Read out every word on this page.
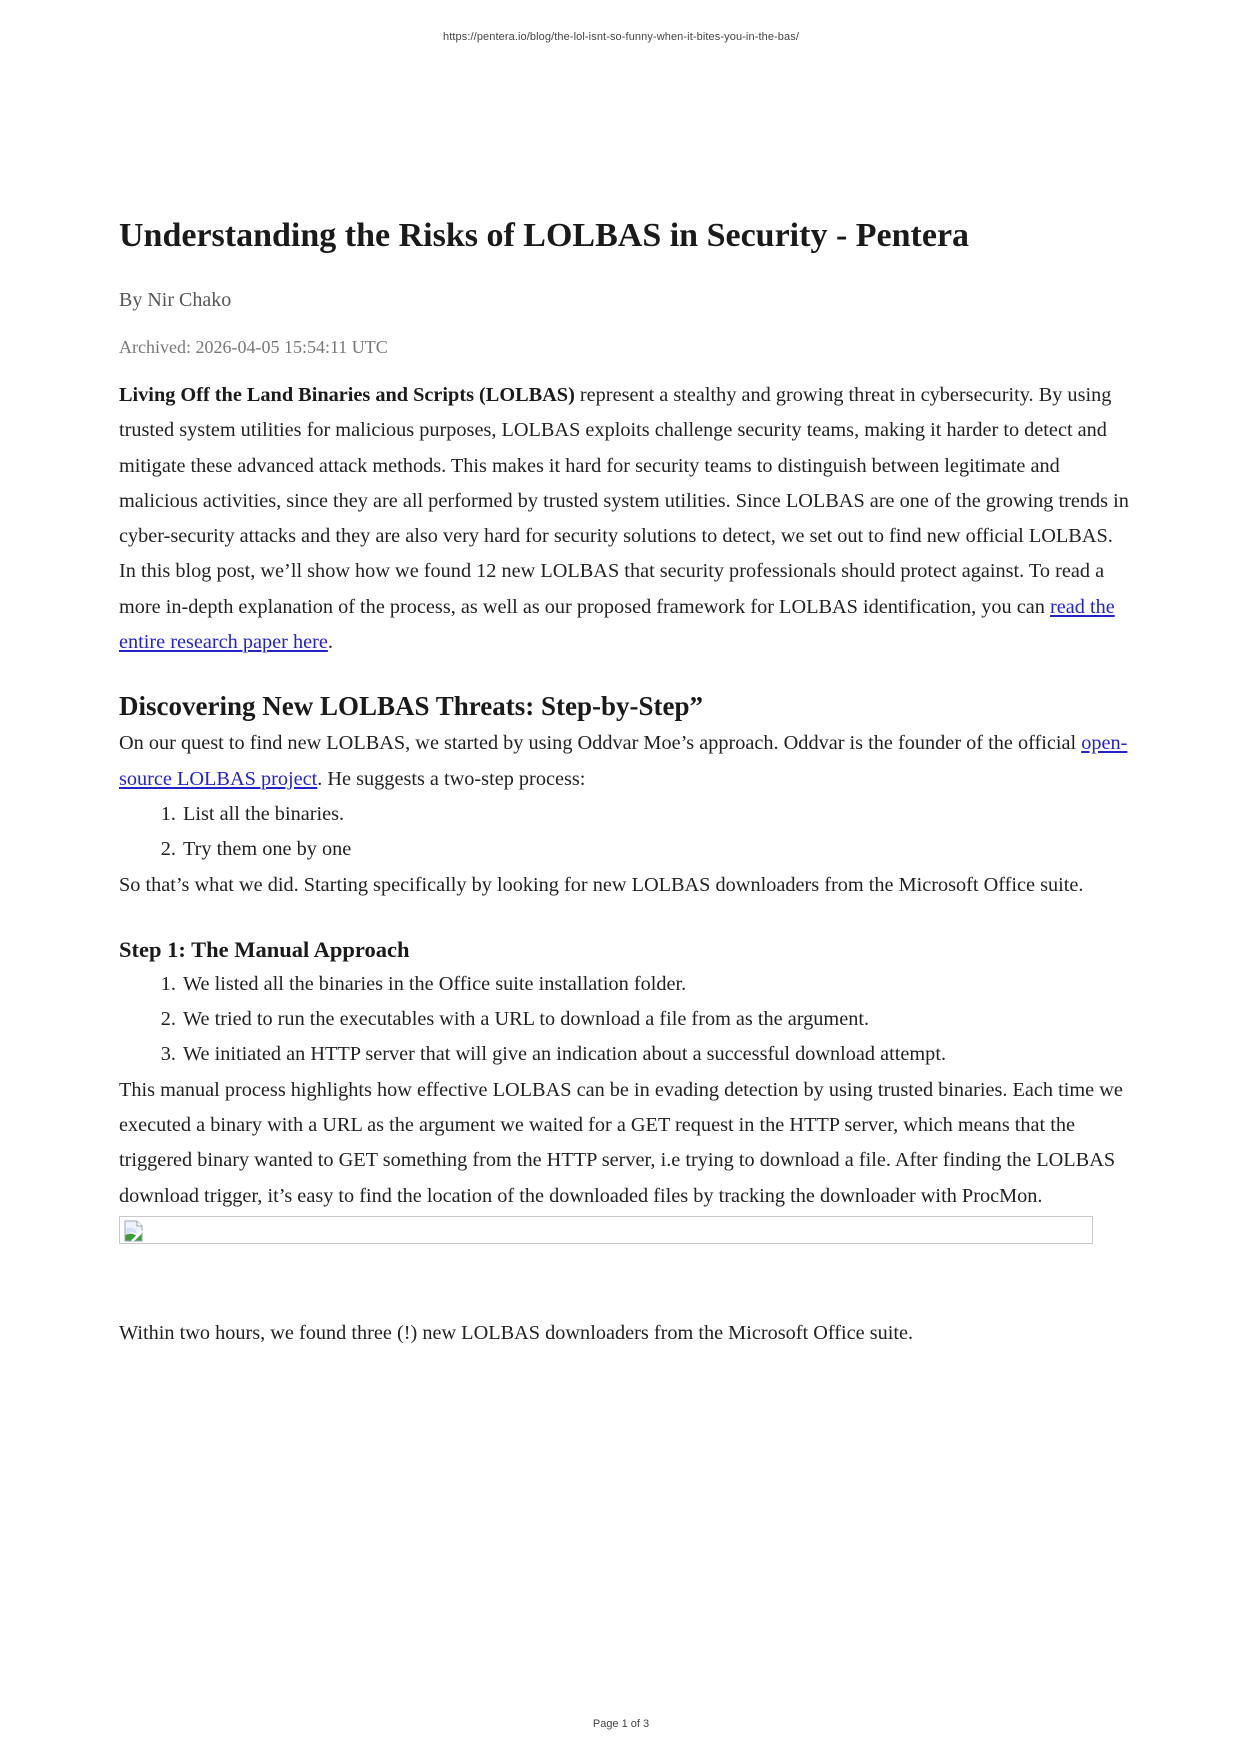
https://pentera.io/blog/the-lol-isnt-so-funny-when-it-bites-you-in-the-bas/
Understanding the Risks of LOLBAS in Security - Pentera
By Nir Chako
Archived: 2026-04-05 15:54:11 UTC

Living Off the Land Binaries and Scripts (LOLBAS) represent a stealthy and growing threat in cybersecurity. By using trusted system utilities for malicious purposes, LOLBAS exploits challenge security teams, making it harder to detect and mitigate these advanced attack methods. This makes it hard for security teams to distinguish between legitimate and malicious activities, since they are all performed by trusted system utilities. Since LOLBAS are one of the growing trends in cyber-security attacks and they are also very hard for security solutions to detect, we set out to find new official LOLBAS. In this blog post, we’ll show how we found 12 new LOLBAS that security professionals should protect against. To read a more in-depth explanation of the process, as well as our proposed framework for LOLBAS identification, you can read the entire research paper here.

Discovering New LOLBAS Threats: Step-by-Step”

On our quest to find new LOLBAS, we started by using Oddvar Moe’s approach. Oddvar is the founder of the official open-source LOLBAS project. He suggests a two-step process:

1. List all the binaries.
2. Try them one by one

So that’s what we did. Starting specifically by looking for new LOLBAS downloaders from the Microsoft Office suite.

Step 1: The Manual Approach
1. We listed all the binaries in the Office suite installation folder.
2. We tried to run the executables with a URL to download a file from as the argument.
3. We initiated an HTTP server that will give an indication about a successful download attempt.

This manual process highlights how effective LOLBAS can be in evading detection by using trusted binaries. Each time we executed a binary with a URL as the argument we waited for a GET request in the HTTP server, which means that the triggered binary wanted to GET something from the HTTP server, i.e trying to download a file. After finding the LOLBAS download trigger, it’s easy to find the location of the downloaded files by tracking the downloader with ProcMon.

Within two hours, we found three (!) new LOLBAS downloaders from the Microsoft Office suite.

Page 1 of 3
